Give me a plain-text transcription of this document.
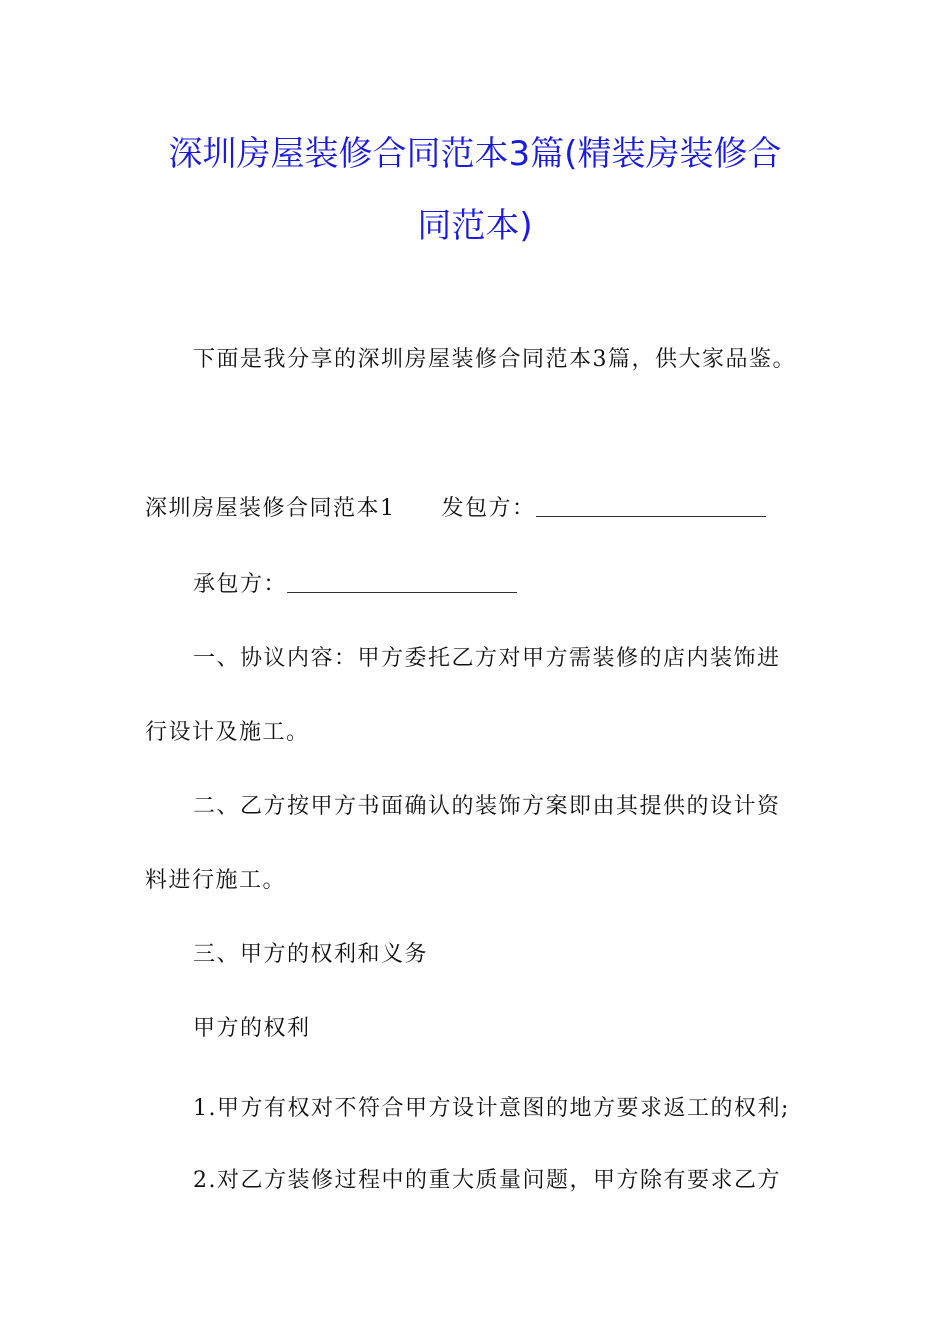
深圳房屋装修合同范本3篇(精装房装修合
同范本)

下面是我分享的深圳房屋装修合同范本3篇，供大家品鉴。

深圳房屋装修合同范本1 发包方：

承包方：

一、协议内容：甲方委托乙方对甲方需装修的店内装饰进

行设计及施工。

二、乙方按甲方书面确认的装饰方案即由其提供的设计资

料进行施工。

三、甲方的权利和义务

甲方的权利

1.甲方有权对不符合甲方设计意图的地方要求返工的权利;

2.对乙方装修过程中的重大质量问题，甲方除有要求乙方
